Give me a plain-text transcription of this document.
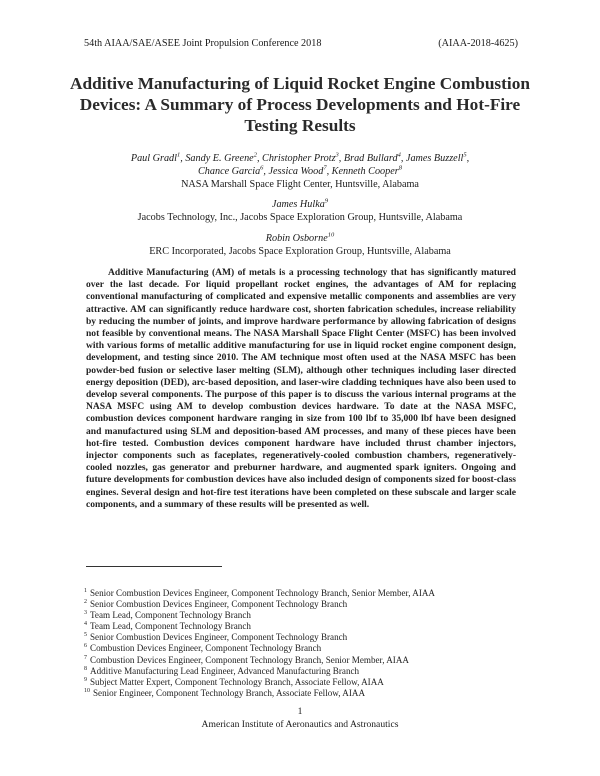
54th AIAA/SAE/ASEE Joint Propulsion Conference 2018	(AIAA-2018-4625)
Additive Manufacturing of Liquid Rocket Engine Combustion Devices: A Summary of Process Developments and Hot-Fire Testing Results
Paul Gradl$^1$, Sandy E. Greene$^2$, Christopher Protz$^3$, Brad Bullard$^4$, James Buzzell$^5$,
Chance Garcia$^6$, Jessica Wood$^7$, Kenneth Cooper$^8$
NASA Marshall Space Flight Center, Huntsville, Alabama
James Hulka$^9$
Jacobs Technology, Inc., Jacobs Space Exploration Group, Huntsville, Alabama
Robin Osborne$^{10}$
ERC Incorporated, Jacobs Space Exploration Group, Huntsville, Alabama
Additive Manufacturing (AM) of metals is a processing technology that has significantly matured over the last decade. For liquid propellant rocket engines, the advantages of AM for replacing conventional manufacturing of complicated and expensive metallic components and assemblies are very attractive. AM can significantly reduce hardware cost, shorten fabrication schedules, increase reliability by reducing the number of joints, and improve hardware performance by allowing fabrication of designs not feasible by conventional means. The NASA Marshall Space Flight Center (MSFC) has been involved with various forms of metallic additive manufacturing for use in liquid rocket engine component design, development, and testing since 2010. The AM technique most often used at the NASA MSFC has been powder-bed fusion or selective laser melting (SLM), although other techniques including laser directed energy deposition (DED), arc-based deposition, and laser-wire cladding techniques have also been used to develop several components. The purpose of this paper is to discuss the various internal programs at the NASA MSFC using AM to develop combustion devices hardware. To date at the NASA MSFC, combustion devices component hardware ranging in size from 100 lbf to 35,000 lbf have been designed and manufactured using SLM and deposition-based AM processes, and many of these pieces have been hot-fire tested. Combustion devices component hardware have included thrust chamber injectors, injector components such as faceplates, regeneratively-cooled combustion chambers, regeneratively-cooled nozzles, gas generator and preburner hardware, and augmented spark igniters. Ongoing and future developments for combustion devices have also included design of components sized for boost-class engines. Several design and hot-fire test iterations have been completed on these subscale and larger scale components, and a summary of these results will be presented as well.
$^1$ Senior Combustion Devices Engineer, Component Technology Branch, Senior Member, AIAA
$^2$ Senior Combustion Devices Engineer, Component Technology Branch
$^3$ Team Lead, Component Technology Branch
$^4$ Team Lead, Component Technology Branch
$^5$ Senior Combustion Devices Engineer, Component Technology Branch
$^6$ Combustion Devices Engineer, Component Technology Branch
$^7$ Combustion Devices Engineer, Component Technology Branch, Senior Member, AIAA
$^8$ Additive Manufacturing Lead Engineer, Advanced Manufacturing Branch
$^9$ Subject Matter Expert, Component Technology Branch, Associate Fellow, AIAA
$^{10}$ Senior Engineer, Component Technology Branch, Associate Fellow, AIAA
1
American Institute of Aeronautics and Astronautics
